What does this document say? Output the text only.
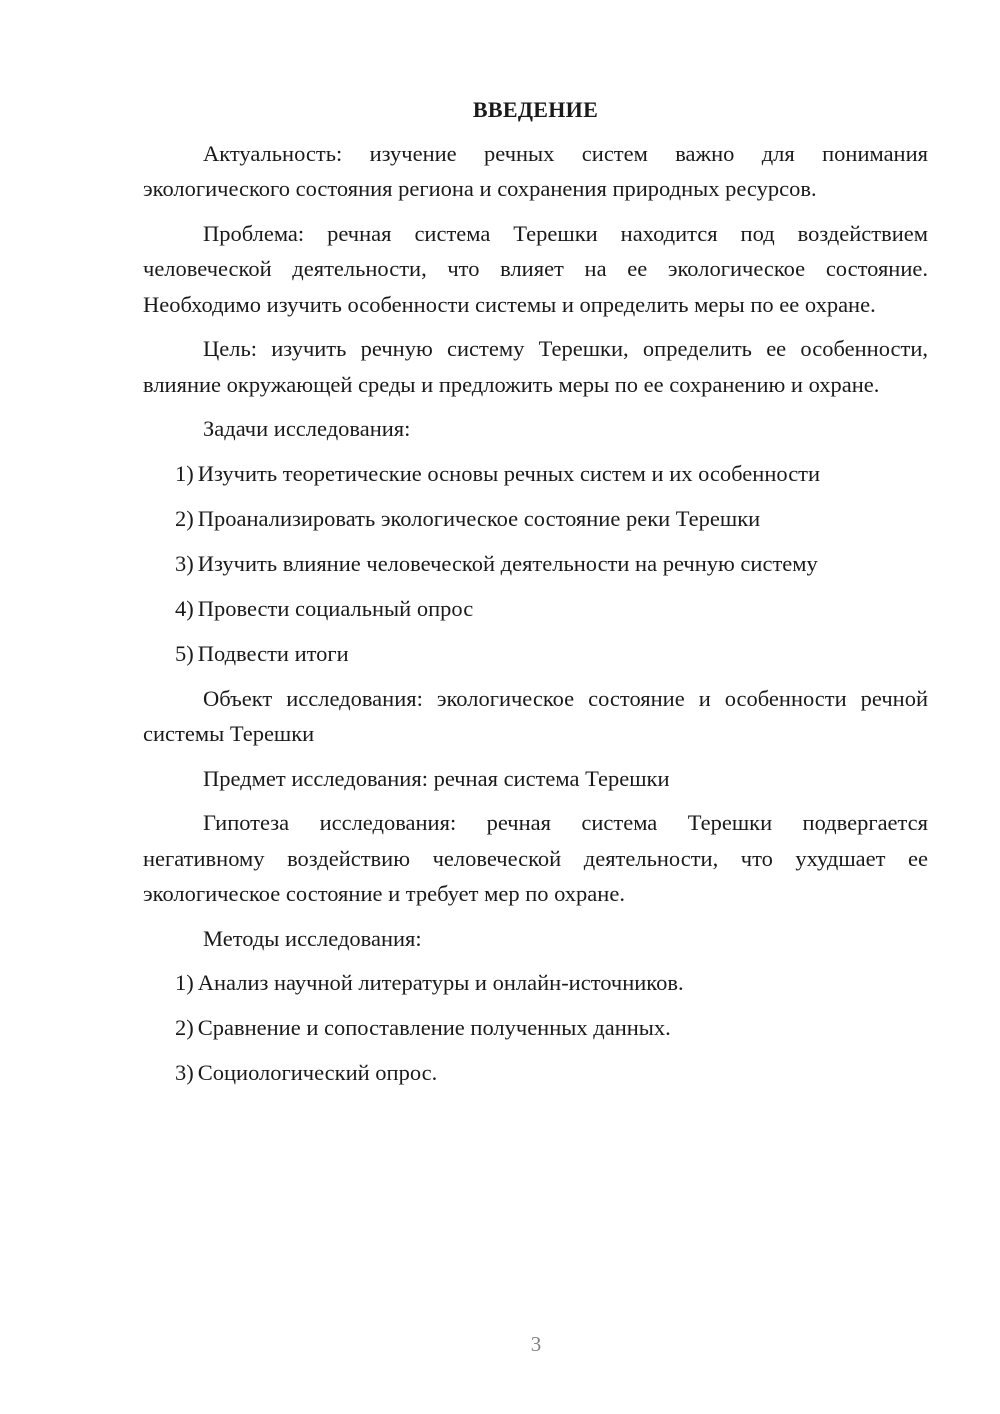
ВВЕДЕНИЕ

Актуальность: изучение речных систем важно для понимания экологического состояния региона и сохранения природных ресурсов.

Проблема: речная система Терешки находится под воздействием человеческой деятельности, что влияет на ее экологическое состояние. Необходимо изучить особенности системы и определить меры по ее охране.

Цель: изучить речную систему Терешки, определить ее особенности, влияние окружающей среды и предложить меры по ее сохранению и охране.

Задачи исследования:

1) Изучить теоретические основы речных систем и их особенности
2) Проанализировать экологическое состояние реки Терешки
3) Изучить влияние человеческой деятельности на речную систему
4) Провести социальный опрос
5) Подвести итоги

Объект исследования: экологическое состояние и особенности речной системы Терешки

Предмет исследования: речная система Терешки

Гипотеза исследования: речная система Терешки подвергается негативному воздействию человеческой деятельности, что ухудшает ее экологическое состояние и требует мер по охране.

Методы исследования:

1) Анализ научной литературы и онлайн-источников.
2) Сравнение и сопоставление полученных данных.
3) Социологический опрос.
3
